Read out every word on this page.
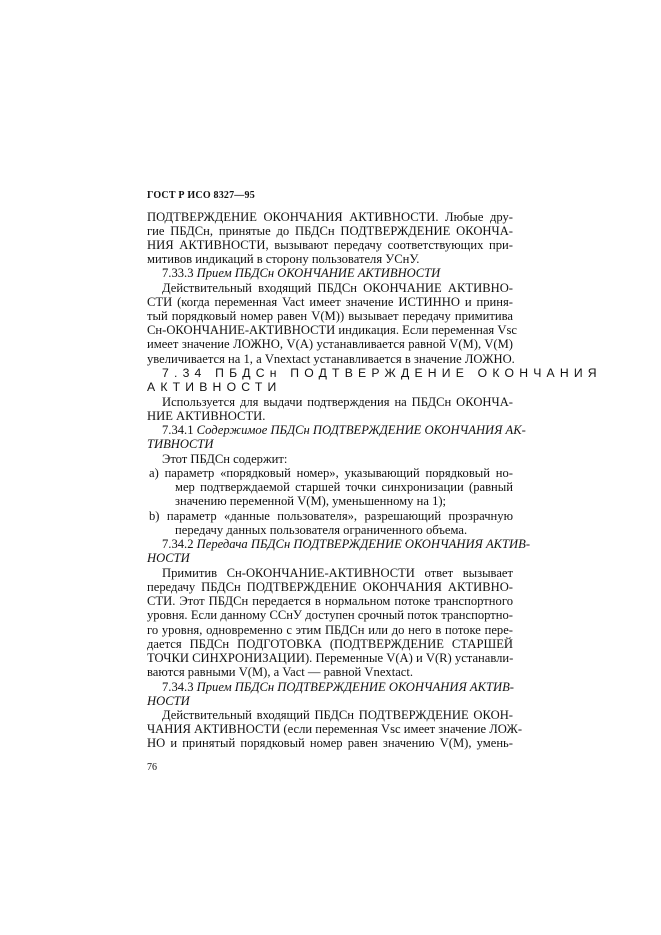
ГОСТ Р ИСО 8327—95
ПОДТВЕРЖДЕНИЕ ОКОНЧАНИЯ АКТИВНОСТИ. Любые дру-
гие ПБДСн, принятые до ПБДСн ПОДТВЕРЖДЕНИЕ ОКОНЧА-
НИЯ АКТИВНОСТИ, вызывают передачу соответствующих при-
митивов индикаций в сторону пользователя УСнУ.
7.33.3 Прием ПБДСн ОКОНЧАНИЕ АКТИВНОСТИ
Действительный входящий ПБДСн ОКОНЧАНИЕ АКТИВНО-
СТИ (когда переменная Vact имеет значение ИСТИННО и приня-
тый порядковый номер равен V(M)) вызывает передачу примитива
Сн-ОКОНЧАНИЕ-АКТИВНОСТИ индикация. Если переменная Vsc
имеет значение ЛОЖНО, V(A) устанавливается равной V(M), V(M)
увеличивается на 1, а Vnextact устанавливается в значение ЛОЖНО.
7.34 ПБДСн ПОДТВЕРЖДЕНИЕ ОКОНЧАНИЯ
АКТИВНОСТИ
Используется для выдачи подтверждения на ПБДСн ОКОНЧА-
НИЕ АКТИВНОСТИ.
7.34.1 Содержимое ПБДСн ПОДТВЕРЖДЕНИЕ ОКОНЧАНИЯ АК-
ТИВНОСТИ
Этот ПБДСн содержит:
а) параметр «порядковый номер», указывающий порядковый но-
мер подтверждаемой старшей точки синхронизации (равный
значению переменной V(M), уменьшенному на 1);
b) параметр «данные пользователя», разрешающий прозрачную
передачу данных пользователя ограниченного объема.
7.34.2 Передача ПБДСн ПОДТВЕРЖДЕНИЕ ОКОНЧАНИЯ АКТИВ-
НОСТИ
Примитив Сн-ОКОНЧАНИЕ-АКТИВНОСТИ ответ вызывает
передачу ПБДСн ПОДТВЕРЖДЕНИЕ ОКОНЧАНИЯ АКТИВНО-
СТИ. Этот ПБДСн передается в нормальном потоке транспортного
уровня. Если данному ССнУ доступен срочный поток транспортно-
го уровня, одновременно с этим ПБДСн или до него в потоке пере-
дается ПБДСн ПОДГОТОВКА (ПОДТВЕРЖДЕНИЕ СТАРШЕЙ
ТОЧКИ СИНХРОНИЗАЦИИ). Переменные V(A) и V(R) устанавли-
ваются равными V(M), а Vact — равной Vnextact.
7.34.3 Прием ПБДСн ПОДТВЕРЖДЕНИЕ ОКОНЧАНИЯ АКТИВ-
НОСТИ
Действительный входящий ПБДСн ПОДТВЕРЖДЕНИЕ ОКОН-
ЧАНИЯ АКТИВНОСТИ (если переменная Vsc имеет значение ЛОЖ-
НО и принятый порядковый номер равен значению V(M), умень-
76
